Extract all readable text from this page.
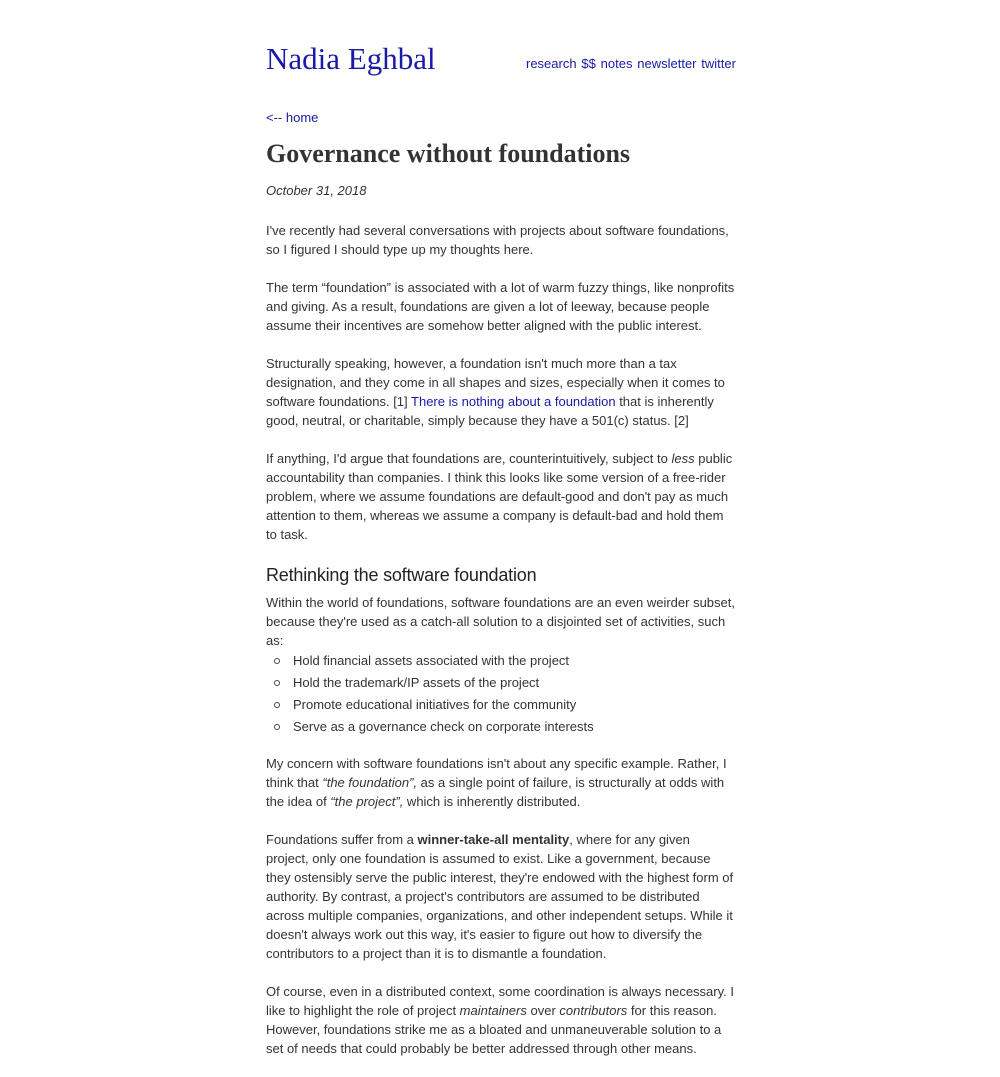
Nadia Eghbal	research $$ notes newsletter twitter
<-- home
Governance without foundations
October 31, 2018

I've recently had several conversations with projects about software foundations, so I figured I should type up my thoughts here.

The term “foundation” is associated with a lot of warm fuzzy things, like nonprofits and giving. As a result, foundations are given a lot of leeway, because people assume their incentives are somehow better aligned with the public interest.

Structurally speaking, however, a foundation isn't much more than a tax designation, and they come in all shapes and sizes, especially when it comes to software foundations. [1] There is nothing about a foundation that is inherently good, neutral, or charitable, simply because they have a 501(c) status. [2]

If anything, I'd argue that foundations are, counterintuitively, subject to less public accountability than companies. I think this looks like some version of a free-rider problem, where we assume foundations are default-good and don't pay as much attention to them, whereas we assume a company is default-bad and hold them to task.

Rethinking the software foundation

Within the world of foundations, software foundations are an even weirder subset, because they're used as a catch-all solution to a disjointed set of activities, such as:

Hold financial assets associated with the project
Hold the trademark/IP assets of the project
Promote educational initiatives for the community
Serve as a governance check on corporate interests

My concern with software foundations isn't about any specific example. Rather, I think that “the foundation”, as a single point of failure, is structurally at odds with the idea of “the project”, which is inherently distributed.

Foundations suffer from a winner-take-all mentality, where for any given project, only one foundation is assumed to exist. Like a government, because they ostensibly serve the public interest, they're endowed with the highest form of authority. By contrast, a project's contributors are assumed to be distributed across multiple companies, organizations, and other independent setups. While it doesn't always work out this way, it's easier to figure out how to diversify the contributors to a project than it is to dismantle a foundation.

Of course, even in a distributed context, some coordination is always necessary. I like to highlight the role of project maintainers over contributors for this reason. However, foundations strike me as a bloated and unmaneuverable solution to a set of needs that could probably be better addressed through other means.
